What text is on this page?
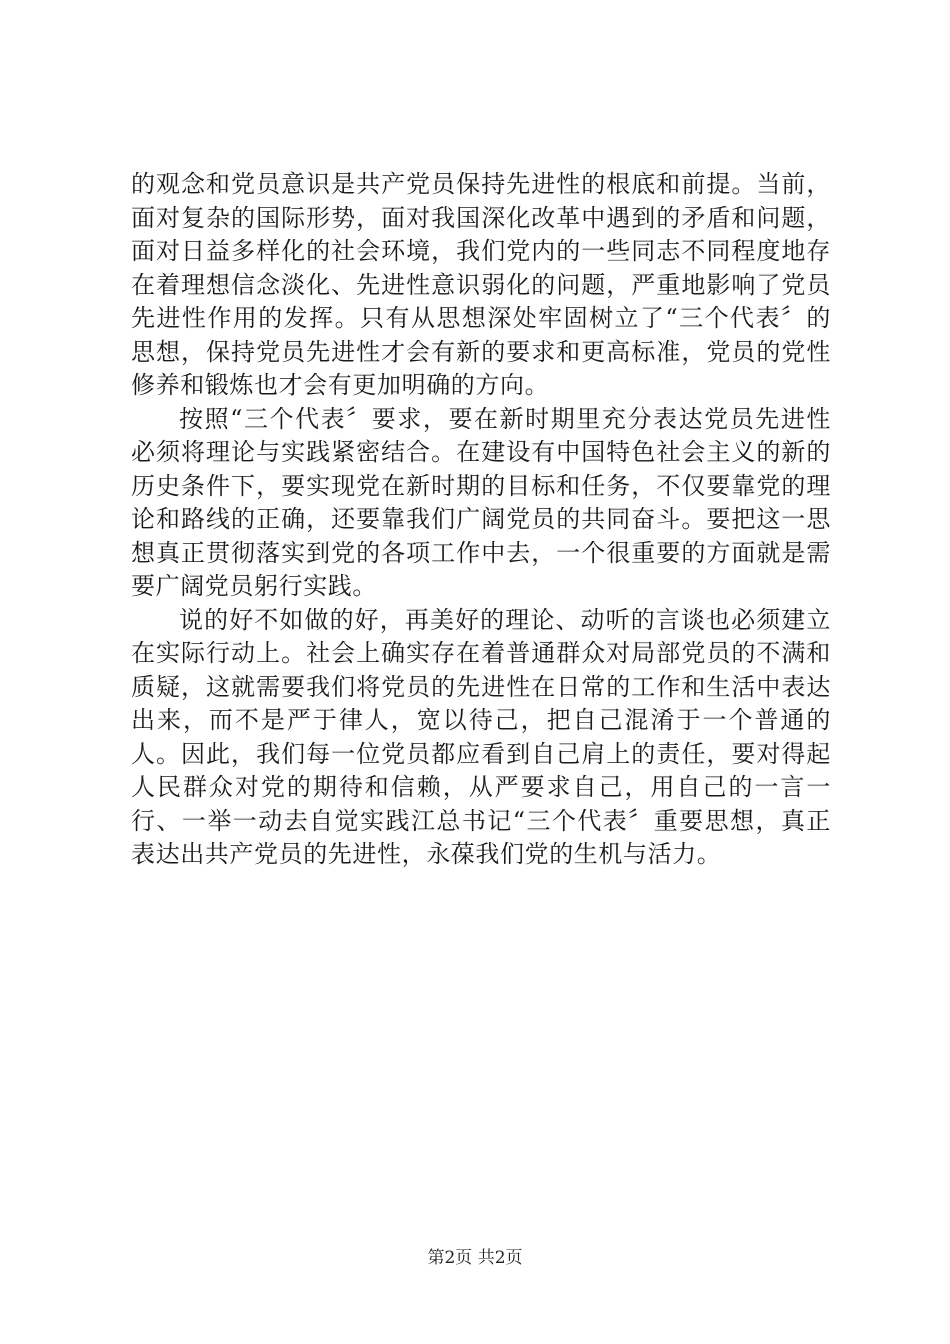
的观念和党员意识是共产党员保持先进性的根底和前提。当前，面对复杂的国际形势，面对我国深化改革中遇到的矛盾和问题，面对日益多样化的社会环境，我们党内的一些同志不同程度地存在着理想信念淡化、先进性意识弱化的问题，严重地影响了党员先进性作用的发挥。只有从思想深处牢固树立了“三个代表〞的思想，保持党员先进性才会有新的要求和更高标准，党员的党性修养和锻炼也才会有更加明确的方向。

按照“三个代表〞要求，要在新时期里充分表达党员先进性必须将理论与实践紧密结合。在建设有中国特色社会主义的新的历史条件下，要实现党在新时期的目标和任务，不仅要靠党的理论和路线的正确，还要靠我们广阔党员的共同奋斗。要把这一思想真正贯彻落实到党的各项工作中去，一个很重要的方面就是需要广阔党员躬行实践。

说的好不如做的好，再美好的理论、动听的言谈也必须建立在实际行动上。社会上确实存在着普通群众对局部党员的不满和质疑，这就需要我们将党员的先进性在日常的工作和生活中表达出来，而不是严于律人，宽以待己，把自己混淆于一个普通的人。因此，我们每一位党员都应看到自己肩上的责任，要对得起人民群众对党的期待和信赖，从严要求自己，用自己的一言一行、一举一动去自觉实践江总书记“三个代表〞重要思想，真正表达出共产党员的先进性，永葆我们党的生机与活力。

第2页 共2页
